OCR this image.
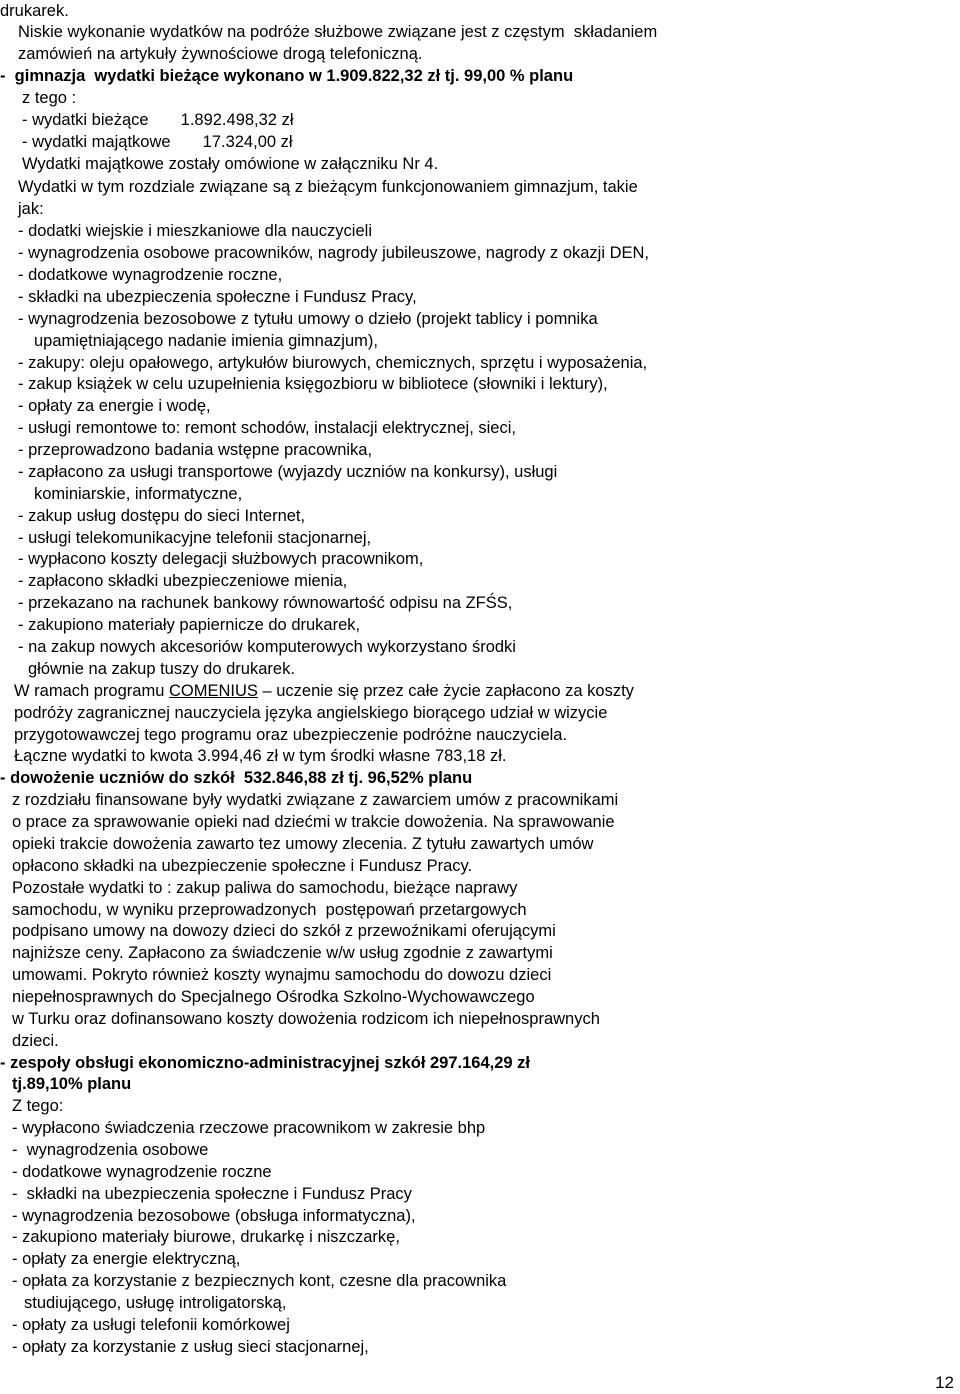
drukarek.
Niskie wykonanie wydatków na podróże służbowe związane jest z częstym  składaniem
zamówień na artykuły żywnościowe drogą telefoniczną.
-  gimnazja  wydatki bieżące wykonano w 1.909.822,32 zł tj. 99,00 % planu
z tego :
- wydatki bieżące       1.892.498,32 zł
- wydatki majątkowe       17.324,00 zł
Wydatki majątkowe zostały omówione w załączniku Nr 4.
Wydatki w tym rozdziale związane są z bieżącym funkcjonowaniem gimnazjum, takie
jak:
- dodatki wiejskie i mieszkaniowe dla nauczycieli
- wynagrodzenia osobowe pracowników, nagrody jubileuszowe, nagrody z okazji DEN,
- dodatkowe wynagrodzenie roczne,
- składki na ubezpieczenia społeczne i Fundusz Pracy,
- wynagrodzenia bezosobowe z tytułu umowy o dzieło (projekt tablicy i pomnika
upamiętniającego nadanie imienia gimnazjum),
- zakupy: oleju opałowego, artykułów biurowych, chemicznych, sprzętu i wyposażenia,
- zakup książek w celu uzupełnienia księgozbioru w bibliotece (słowniki i lektury),
- opłaty za energie i wodę,
- usługi remontowe to: remont schodów, instalacji elektrycznej, sieci,
- przeprowadzono badania wstępne pracownika,
- zapłacono za usługi transportowe (wyjazdy uczniów na konkursy), usługi
kominiarskie, informatyczne,
- zakup usług dostępu do sieci Internet,
- usługi telekomunikacyjne telefonii stacjonarnej,
- wypłacono koszty delegacji służbowych pracownikom,
- zapłacono składki ubezpieczeniowe mienia,
- przekazano na rachunek bankowy równowartość odpisu na ZFŚS,
- zakupiono materiały papiernicze do drukarek,
- na zakup nowych akcesoriów komputerowych wykorzystano środki
głównie na zakup tuszy do drukarek.
W ramach programu COMENIUS – uczenie się przez całe życie zapłacono za koszty
podróży zagranicznej nauczyciela języka angielskiego biorącego udział w wizycie
przygotowawczej tego programu oraz ubezpieczenie podróżne nauczyciela.
Łączne wydatki to kwota 3.994,46 zł w tym środki własne 783,18 zł.
- dowożenie uczniów do szkół  532.846,88 zł tj. 96,52% planu
z rozdziału finansowane były wydatki związane z zawarciem umów z pracownikami
o prace za sprawowanie opieki nad dziećmi w trakcie dowożenia. Na sprawowanie
opieki trakcie dowożenia zawarto tez umowy zlecenia. Z tytułu zawartych umów
opłacono składki na ubezpieczenie społeczne i Fundusz Pracy.
Pozostałe wydatki to : zakup paliwa do samochodu, bieżące naprawy
samochodu, w wyniku przeprowadzonych  postępowań przetargowych
podpisano umowy na dowozy dzieci do szkół z przewoźnikami oferującymi
najniższe ceny. Zapłacono za świadczenie w/w usług zgodnie z zawartymi
umowami. Pokryto również koszty wynajmu samochodu do dowozu dzieci
niepełnosprawnych do Specjalnego Ośrodka Szkolno-Wychowawczego
w Turku oraz dofinansowano koszty dowożenia rodzicom ich niepełnosprawnych
dzieci.
- zespoły obsługi ekonomiczno-administracyjnej szkół 297.164,29 zł
tj.89,10% planu
Z tego:
- wypłacono świadczenia rzeczowe pracownikom w zakresie bhp
-  wynagrodzenia osobowe
- dodatkowe wynagrodzenie roczne
-  składki na ubezpieczenia społeczne i Fundusz Pracy
- wynagrodzenia bezosobowe (obsługa informatyczna),
- zakupiono materiały biurowe, drukarkę i niszczarkę,
- opłaty za energie elektryczną,
- opłata za korzystanie z bezpiecznych kont, czesne dla pracownika
studiującego, usługę introligatorską,
- opłaty za usługi telefonii komórkowej
- opłaty za korzystanie z usług sieci stacjonarnej,
12
